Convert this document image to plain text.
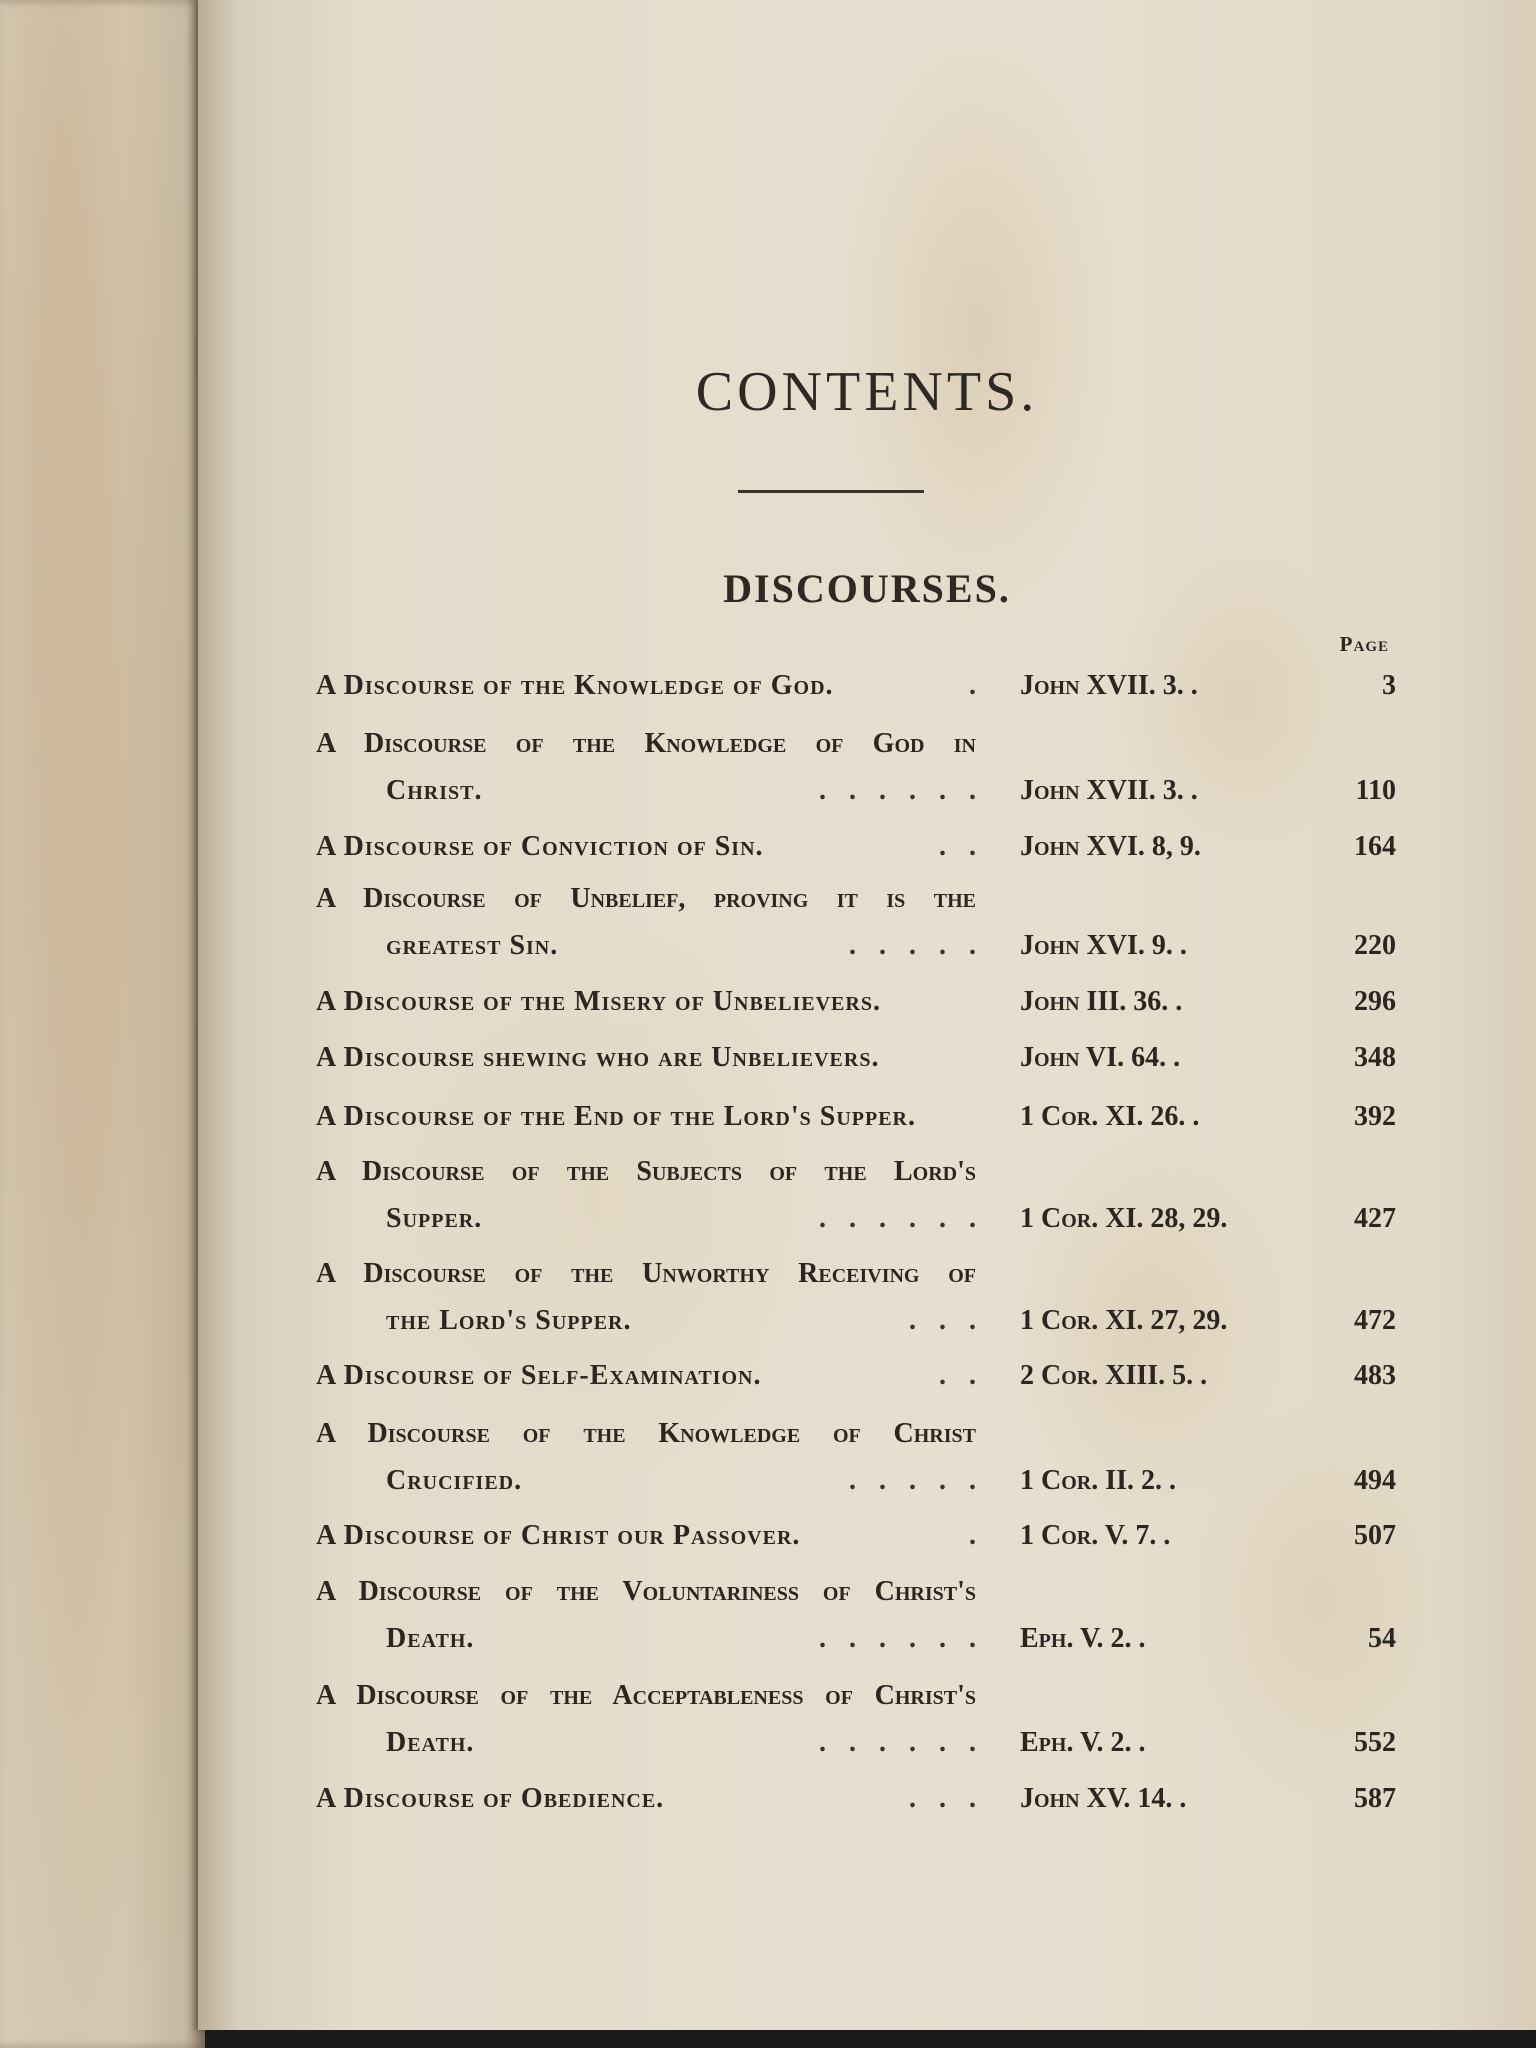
CONTENTS.
DISCOURSES.
Page
A Discourse of the Knowledge of God.	. John XVII. 3. .	3
A Discourse of the Knowledge of God in
Christ.	. . . . . . John XVII. 3. .	110
A Discourse of Conviction of Sin.	. . John XVI. 8, 9.	164
A Discourse of Unbelief, proving it is the
greatest Sin.	. . . . . John XVI. 9. .	220
A Discourse of the Misery of Unbelievers.	John III. 36. .	296
A Discourse shewing who are Unbelievers.	John VI. 64. .	348
A Discourse of the End of the Lord's Supper.	1 Cor. XI. 26. .	392
A Discourse of the Subjects of the Lord's
Supper.	. . . . . . 1 Cor. XI. 28, 29.	427
A Discourse of the Unworthy Receiving of
the Lord's Supper.	. . . 1 Cor. XI. 27, 29.	472
A Discourse of Self-Examination.	. . 2 Cor. XIII. 5. .	483
A Discourse of the Knowledge of Christ
Crucified.	. . . . . 1 Cor. II. 2. .	494
A Discourse of Christ our Passover.	. 1 Cor. V. 7. .	507
A Discourse of the Voluntariness of Christ's
Death.	. . . . . . Eph. V. 2. .	54
A Discourse of the Acceptableness of Christ's
Death.	. . . . . . Eph. V. 2. .	552
A Discourse of Obedience.	. . . John XV. 14. .	587
